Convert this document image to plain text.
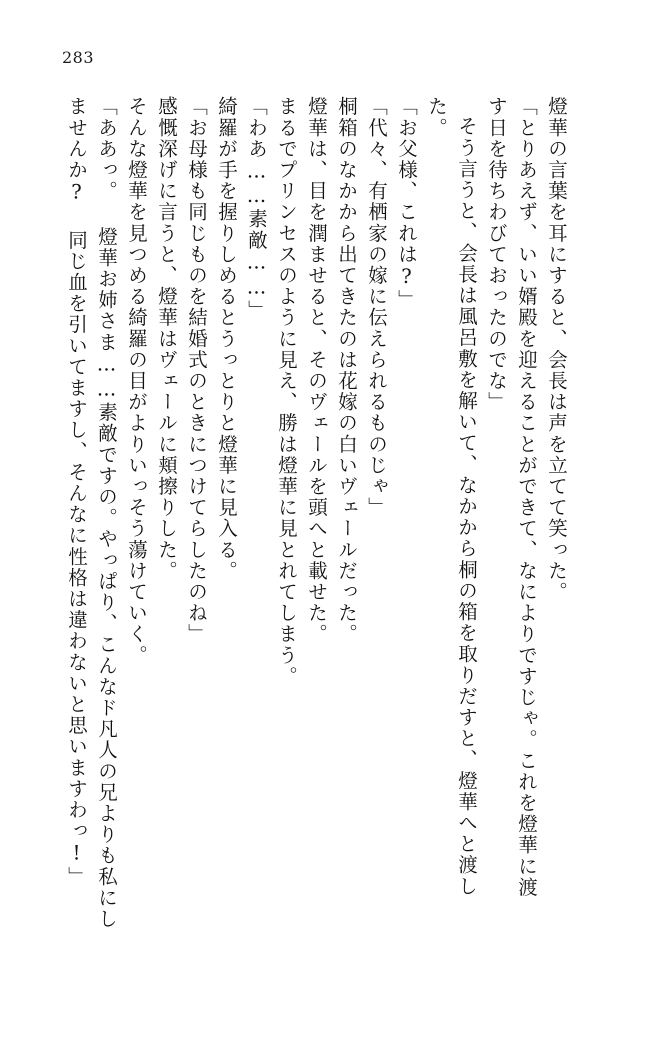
283
ませんか? 同じ血を引いてますし、そんなに性格は違わないと思いますわっ!」 「ああっ。 燈華お姉さま……素敵ですの。やっぱり、こんなド凡人の兄よりも私にし そんな燈華を見つめる綺羅の目がよりいっそう蕩けていく。 感慨深げに言うと、燈華はヴェールに頬擦りした。 「お母様も同じものを結婚式のときにつけてらしたのね」 綺羅が手を握りしめるとうっとりと燈華に見入る。 「わあ……素敵……」 まるでプリンセスのように見え、勝は燈華に見とれてしまう。 燈華は、目を潤ませると、そのヴェールを頭へと載せた。 桐箱のなかから出てきたのは花嫁の白いヴェールだった。 「代々、有栖家の嫁に伝えられるものじゃ」 「お父様、これは?」 た。 そう言うと、会長は風呂敷を解いて、なかから桐の箱を取りだすと、燈華へと渡し す日を待ちわびておったのでな」 「とりあえず、いい婿殿を迎えることができて、なによりですじゃ。これを燈華に渡 燈華の言葉を耳にすると、会長は声を立てて笑った。
